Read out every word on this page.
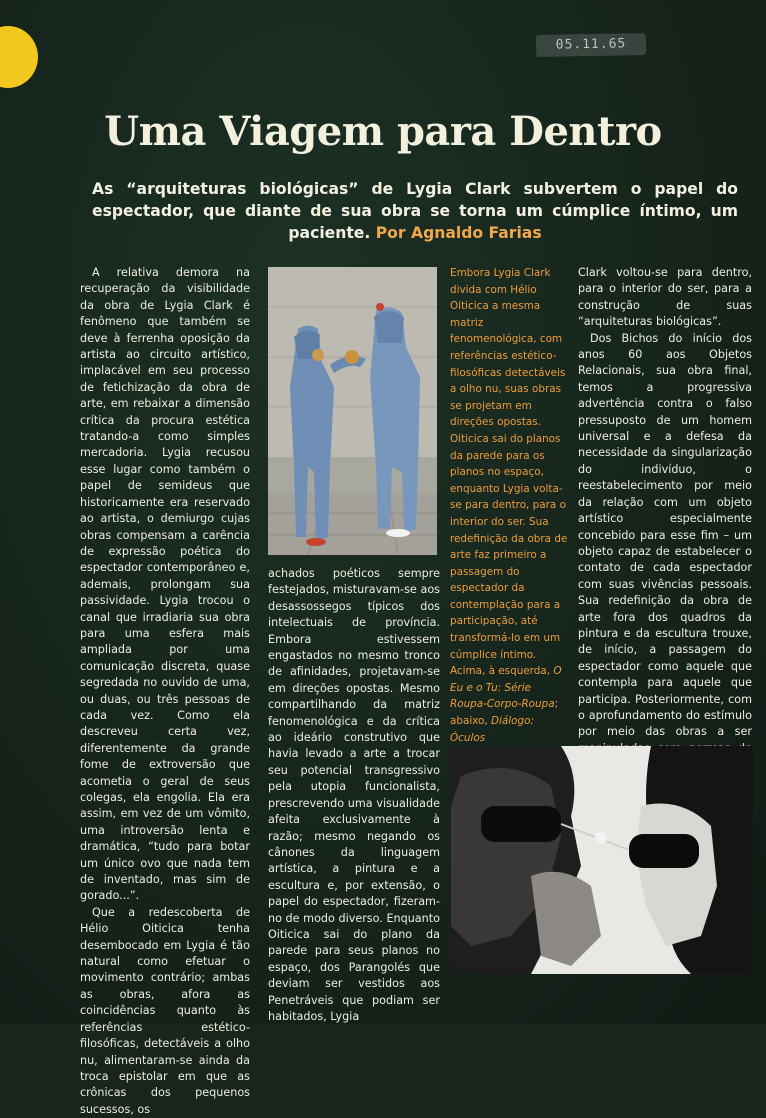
05.11.65
Uma Viagem para Dentro

As “arquiteturas biológicas” de Lygia Clark subvertem o papel do espectador, que diante de sua obra se torna um cúmplice íntimo, um paciente. Por Agnaldo Farias

A relativa demora na recuperação da visibilidade da obra de Lygia Clark é fenômeno que também se deve à ferrenha oposição da artista ao circuito artístico, implacável em seu processo de fetichização da obra de arte, em rebaixar a dimensão crítica da procura estética tratando-a como simples mercadoria. Lygia recusou esse lugar como também o papel de semideus que historicamente era reservado ao artista, o demiurgo cujas obras compensam a carência de expressão poética do espectador contemporâneo e, ademais, prolongam sua passividade. Lygia trocou o canal que irradiaria sua obra para uma esfera mais ampliada por uma comunicação discreta, quase segredada no ouvido de uma, ou duas, ou três pessoas de cada vez. Como ela descreveu certa vez, diferentemente da grande fome de extroversão que acometia o geral de seus colegas, ela engolia. Ela era assim, em vez de um vômito, uma introversão lenta e dramática, “tudo para botar um único ovo que nada tem de inventado, mas sim de gorado...”.

Que a redescoberta de Hélio Oiticica tenha desembocado em Lygia é tão natural como efetuar o movimento contrário; ambas as obras, afora as coincidências quanto às referências estético-filosóficas, detectáveis a olho nu, alimentaram-se ainda da troca epistolar em que as crônicas dos pequenos sucessos, os

achados poéticos sempre festejados, misturavam-se aos desassossegos típicos dos intelectuais de província. Embora estivessem engastados no mesmo tronco de afinidades, projetavam-se em direções opostas. Mesmo compartilhando da matriz fenomenológica e da crítica ao ideário construtivo que havia levado a arte a trocar seu potencial transgressivo pela utopia funcionalista, prescrevendo uma visualidade afeita exclusivamente à razão; mesmo negando os cânones da linguagem artística, a pintura e a escultura e, por extensão, o papel do espectador, fizeram-no de modo diverso. Enquanto Oiticica sai do plano da parede para seus planos no espaço, dos Parangolés que deviam ser vestidos aos Penetráveis que podiam ser habitados, Lygia

Embora Lygia Clark divida com Hélio Oiticica a mesma matriz fenomenológica, com referências estético-filosóficas detectáveis a olho nu, suas obras se projetam em direções opostas. Oiticica sai do planos da parede para os planos no espaço, enquanto Lygia volta-se para dentro, para o interior do ser. Sua redefinição da obra de arte faz primeiro a passagem do espectador da contemplação para a participação, até transformá-lo em um cúmplice íntimo. Acima, à esquerda, O Eu e o Tu: Série Roupa-Corpo-Roupa; abaixo, Diálogo: Óculos

Clark voltou-se para dentro, para o interior do ser, para a construção de suas “arquiteturas biológicas”.

Dos Bichos do início dos anos 60 aos Objetos Relacionais, sua obra final, temos a progressiva advertência contra o falso pressuposto de um homem universal e a defesa da necessidade da singularização do indivíduo, o reestabelecimento por meio da relação com um objeto artístico especialmente concebido para esse fim – um objeto capaz de estabelecer o contato de cada espectador com suas vivências pessoais. Sua redefinição da obra de arte fora dos quadros da pintura e da escultura trouxe, de início, a passagem do espectador como aquele que contempla para aquele que participa. Posteriormente, com o aprofundamento do estímulo por meio das obras a ser
